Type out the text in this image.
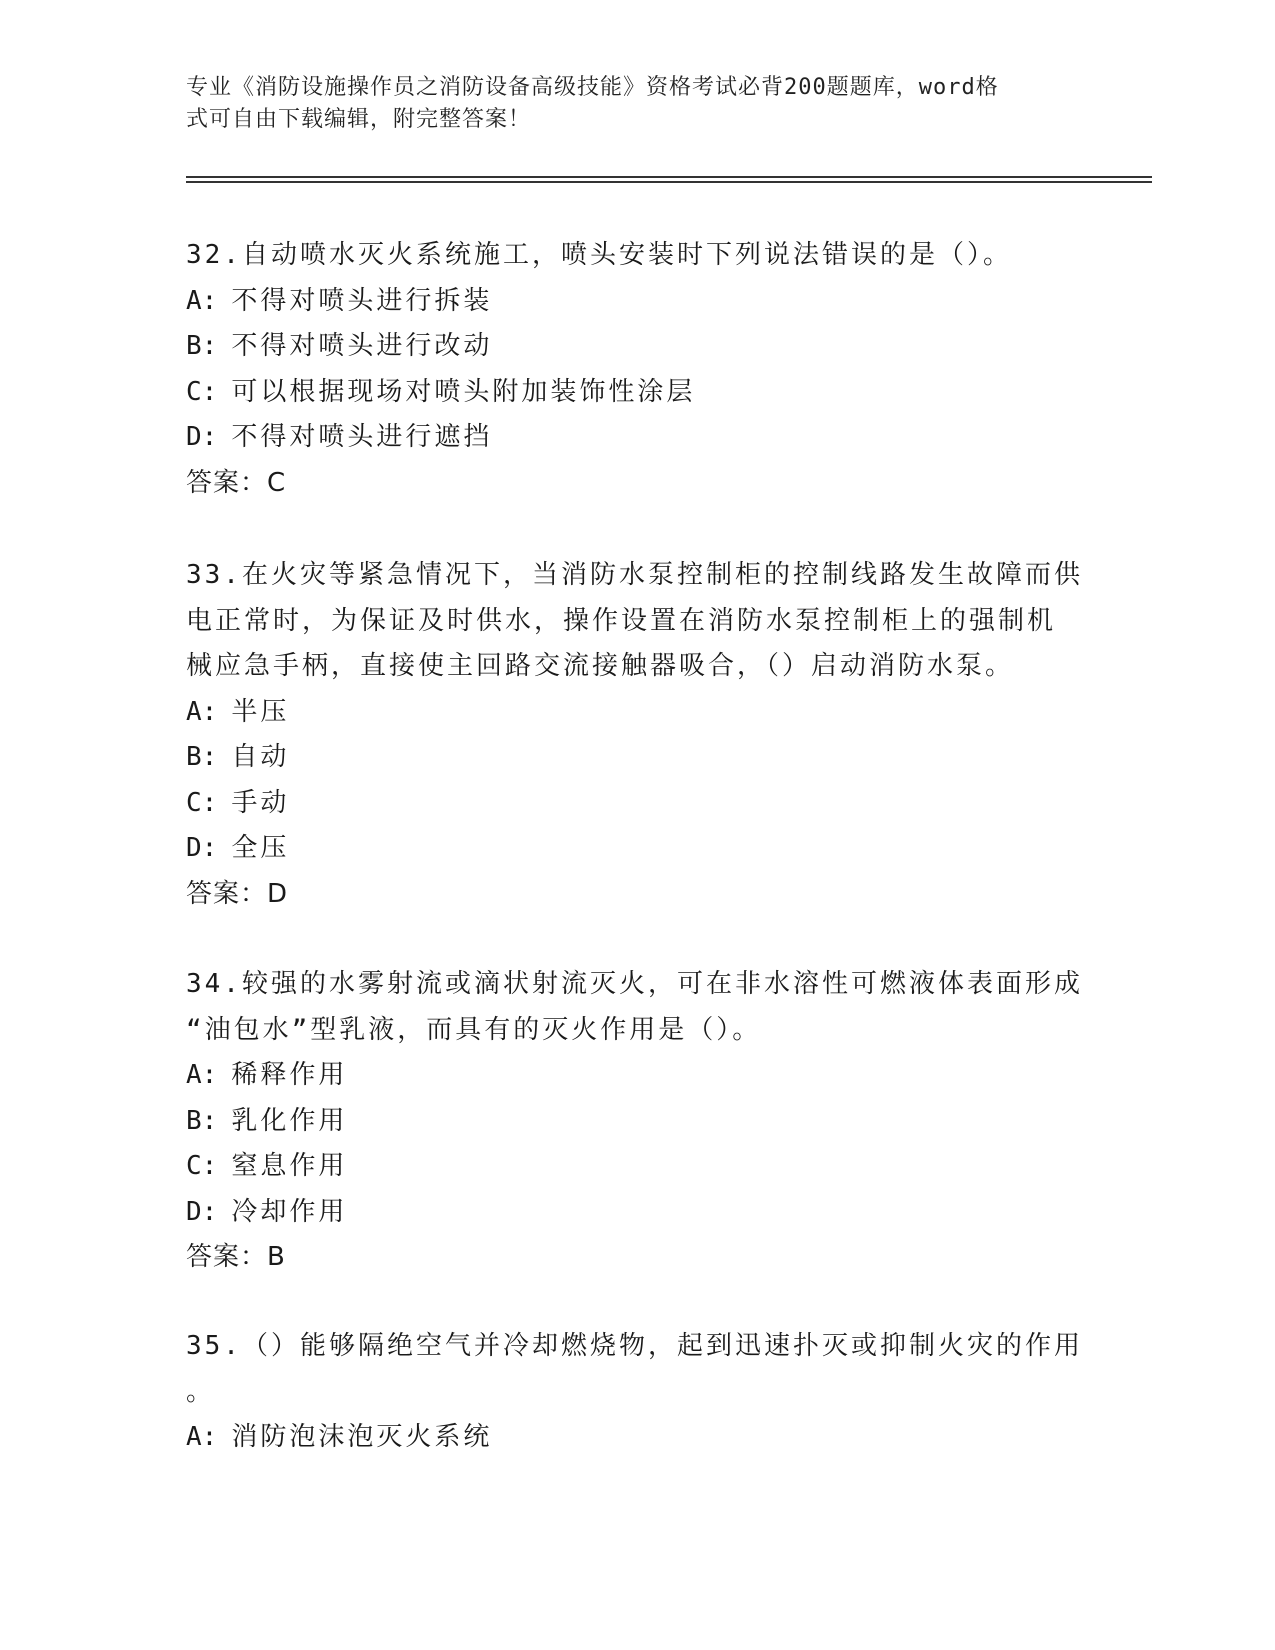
专业《消防设施操作员之消防设备高级技能》资格考试必背200题题库，word格
式可自由下载编辑，附完整答案！
32.自动喷水灭火系统施工，喷头安装时下列说法错误的是（）。
A: 不得对喷头进行拆装
B: 不得对喷头进行改动
C: 可以根据现场对喷头附加装饰性涂层
D: 不得对喷头进行遮挡
答案：C
33.在火灾等紧急情况下，当消防水泵控制柜的控制线路发生故障而供
电正常时，为保证及时供水，操作设置在消防水泵控制柜上的强制机
械应急手柄，直接使主回路交流接触器吸合，（）启动消防水泵。
A: 半压
B: 自动
C: 手动
D: 全压
答案：D
34.较强的水雾射流或滴状射流灭火，可在非水溶性可燃液体表面形成
“油包水”型乳液，而具有的灭火作用是（）。
A: 稀释作用
B: 乳化作用
C: 窒息作用
D: 冷却作用
答案：B
35.（）能够隔绝空气并冷却燃烧物，起到迅速扑灭或抑制火灾的作用
。
A: 消防泡沫泡灭火系统
